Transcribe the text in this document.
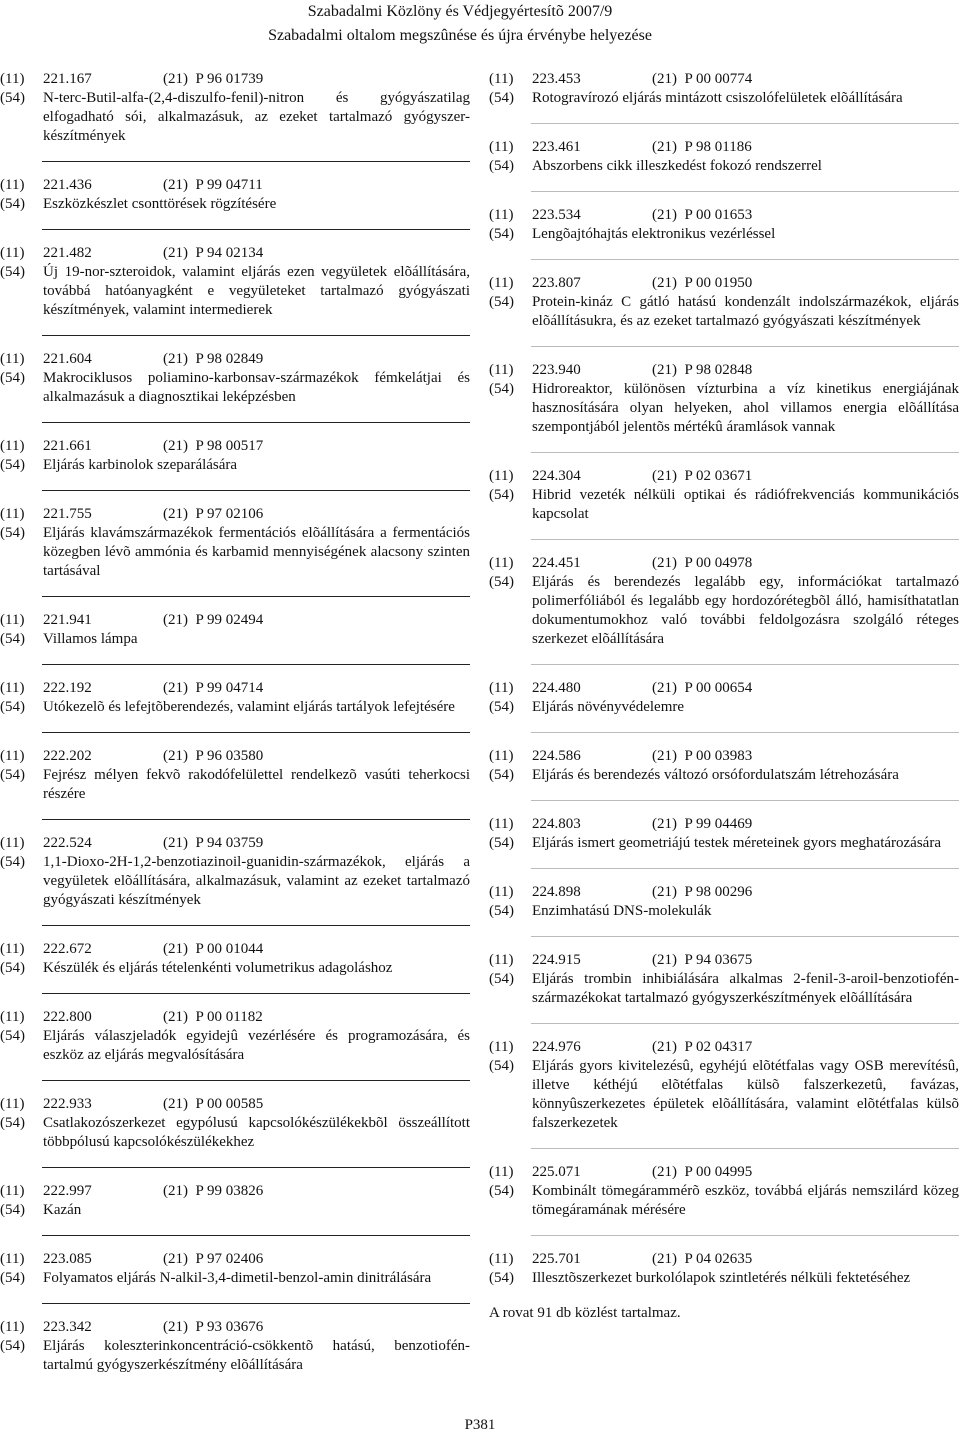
Szabadalmi Közlöny és Védjegyértesítõ 2007/9
Szabadalmi oltalom megszûnése és újra érvénybe helyezése
(11)	221.167	(21) P 96 01739
(54)	N-terc-Butil-alfa-(2,4-diszulfo-fenil)-nitron és gyógyászatilag elfogadható sói, alkalmazásuk, az ezeket tartalmazó gyógyszer-készítmények
(11)	221.436	(21) P 99 04711
(54)	Eszközkészlet csonttörések rögzítésére
(11)	221.482	(21) P 94 02134
(54)	Új 19-nor-szteroidok, valamint eljárás ezen vegyületek elõállítására, továbbá hatóanyagként e vegyületeket tartalmazó gyógyászati készítmények, valamint intermedierek
(11)	221.604	(21) P 98 02849
(54)	Makrociklusos poliamino-karbonsav-származékok fémkelátjai és alkalmazásuk a diagnosztikai leképzésben
(11)	221.661	(21) P 98 00517
(54)	Eljárás karbinolok szeparálására
(11)	221.755	(21) P 97 02106
(54)	Eljárás klavámszármazékok fermentációs elõállítására a fermentációs közegben lévõ ammónia és karbamid mennyiségének alacsony szinten tartásával
(11)	221.941	(21) P 99 02494
(54)	Villamos lámpa
(11)	222.192	(21) P 99 04714
(54)	Utókezelõ és lefejtõberendezés, valamint eljárás tartályok lefejtésére
(11)	222.202	(21) P 96 03580
(54)	Fejrész mélyen fekvõ rakodófelülettel rendelkezõ vasúti teherkocsi részére
(11)	222.524	(21) P 94 03759
(54)	1,1-Dioxo-2H-1,2-benzotiazinoil-guanidin-származékok, eljárás a vegyületek elõállítására, alkalmazásuk, valamint az ezeket tartalmazó gyógyászati készítmények
(11)	222.672	(21) P 00 01044
(54)	Készülék és eljárás tételenkénti volumetrikus adagoláshoz
(11)	222.800	(21) P 00 01182
(54)	Eljárás válaszjeladók egyidejû vezérlésére és programozására, és eszköz az eljárás megvalósítására
(11)	222.933	(21) P 00 00585
(54)	Csatlakozószerkezet egypólusú kapcsolókészülékekbõl összeállított többpólusú kapcsolókészülékekhez
(11)	222.997	(21) P 99 03826
(54)	Kazán
(11)	223.085	(21) P 97 02406
(54)	Folyamatos eljárás N-alkil-3,4-dimetil-benzol-amin dinitrálására
(11)	223.342	(21) P 93 03676
(54)	Eljárás koleszterinkoncentráció-csökkentõ hatású, benzotiofén-tartalmú gyógyszerkészítmény elõállítására
(11)	223.453	(21) P 00 00774
(54)	Rotogravírozó eljárás mintázott csiszolófelületek elõállítására
(11)	223.461	(21) P 98 01186
(54)	Abszorbens cikk illeszkedést fokozó rendszerrel
(11)	223.534	(21) P 00 01653
(54)	Lengõajtóhajtás elektronikus vezérléssel
(11)	223.807	(21) P 00 01950
(54)	Protein-kináz C gátló hatású kondenzált indolszármazékok, eljárás elõállításukra, és az ezeket tartalmazó gyógyászati készítmények
(11)	223.940	(21) P 98 02848
(54)	Hidroreaktor, különösen vízturbina a víz kinetikus energiájának hasznosítására olyan helyeken, ahol villamos energia elõállítása szempontjából jelentõs mértékû áramlások vannak
(11)	224.304	(21) P 02 03671
(54)	Hibrid vezeték nélküli optikai és rádiófrekvenciás kommunikációs kapcsolat
(11)	224.451	(21) P 00 04978
(54)	Eljárás és berendezés legalább egy, információkat tartalmazó polimerfóliából és legalább egy hordozórétegbõl álló, hamisíthatatlan dokumentumokhoz való további feldolgozásra szolgáló réteges szerkezet elõállítására
(11)	224.480	(21) P 00 00654
(54)	Eljárás növényvédelemre
(11)	224.586	(21) P 00 03983
(54)	Eljárás és berendezés változó orsófordulatszám létrehozására
(11)	224.803	(21) P 99 04469
(54)	Eljárás ismert geometriájú testek méreteinek gyors meghatározására
(11)	224.898	(21) P 98 00296
(54)	Enzimhatású DNS-molekulák
(11)	224.915	(21) P 94 03675
(54)	Eljárás trombin inhibiálására alkalmas 2-fenil-3-aroil-benzotiofén-származékokat tartalmazó gyógyszerkészítmények elõállítására
(11)	224.976	(21) P 02 04317
(54)	Eljárás gyors kivitelezésû, egyhéjú elõtétfalas vagy OSB merevítésû, illetve kéthéjú elõtétfalas külsõ falszerkezetû, favázas, könnyûszerkezetes épületek elõállítására, valamint elõtétfalas külsõ falszerkezetek
(11)	225.071	(21) P 00 04995
(54)	Kombinált tömegárammérõ eszköz, továbbá eljárás nemszilárd közeg tömegáramának mérésére
(11)	225.701	(21) P 04 02635
(54)	Illesztõszerkezet burkolólapok szintletérés nélküli fektetéséhez
A rovat 91 db közlést tartalmaz.
P381
